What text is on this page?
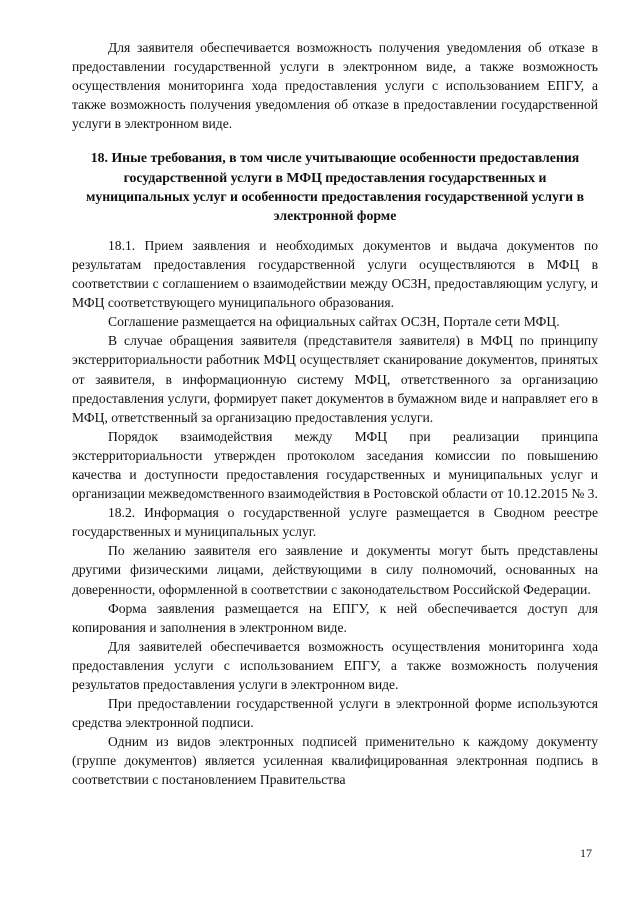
Для заявителя обеспечивается возможность получения уведомления об отказе в предоставлении государственной услуги в электронном виде, а также возможность осуществления мониторинга хода предоставления услуги с использованием ЕПГУ, а также возможность получения уведомления об отказе в предоставлении государственной услуги в электронном виде.

18. Иные требования, в том числе учитывающие особенности предоставления государственной услуги в МФЦ предоставления государственных и муниципальных услуг и особенности предоставления государственной услуги в электронной форме

18.1. Прием заявления и необходимых документов и выдача документов по результатам предоставления государственной услуги осуществляются в МФЦ в соответствии с соглашением о взаимодействии между ОСЗН, предоставляющим услугу, и МФЦ соответствующего муниципального образования.

Соглашение размещается на официальных сайтах ОСЗН, Портале сети МФЦ.

В случае обращения заявителя (представителя заявителя) в МФЦ по принципу экстерриториальности работник МФЦ осуществляет сканирование документов, принятых от заявителя, в информационную систему МФЦ, ответственного за организацию предоставления услуги, формирует пакет документов в бумажном виде и направляет его в МФЦ, ответственный за организацию предоставления услуги.

Порядок взаимодействия между МФЦ при реализации принципа экстерриториальности утвержден протоколом заседания комиссии по повышению качества и доступности предоставления государственных и муниципальных услуг и организации межведомственного взаимодействия в Ростовской области от 10.12.2015 № 3.

18.2. Информация о государственной услуге размещается в Сводном реестре государственных и муниципальных услуг.

По желанию заявителя его заявление и документы могут быть представлены другими физическими лицами, действующими в силу полномочий, основанных на доверенности, оформленной в соответствии с законодательством Российской Федерации.

Форма заявления размещается на ЕПГУ, к ней обеспечивается доступ для копирования и заполнения в электронном виде.

Для заявителей обеспечивается возможность осуществления мониторинга хода предоставления услуги с использованием ЕПГУ, а также возможность получения результатов предоставления услуги в электронном виде.

При предоставлении государственной услуги в электронной форме используются средства электронной подписи.

Одним из видов электронных подписей применительно к каждому документу (группе документов) является усиленная квалифицированная электронная подпись в соответствии с постановлением Правительства

17
